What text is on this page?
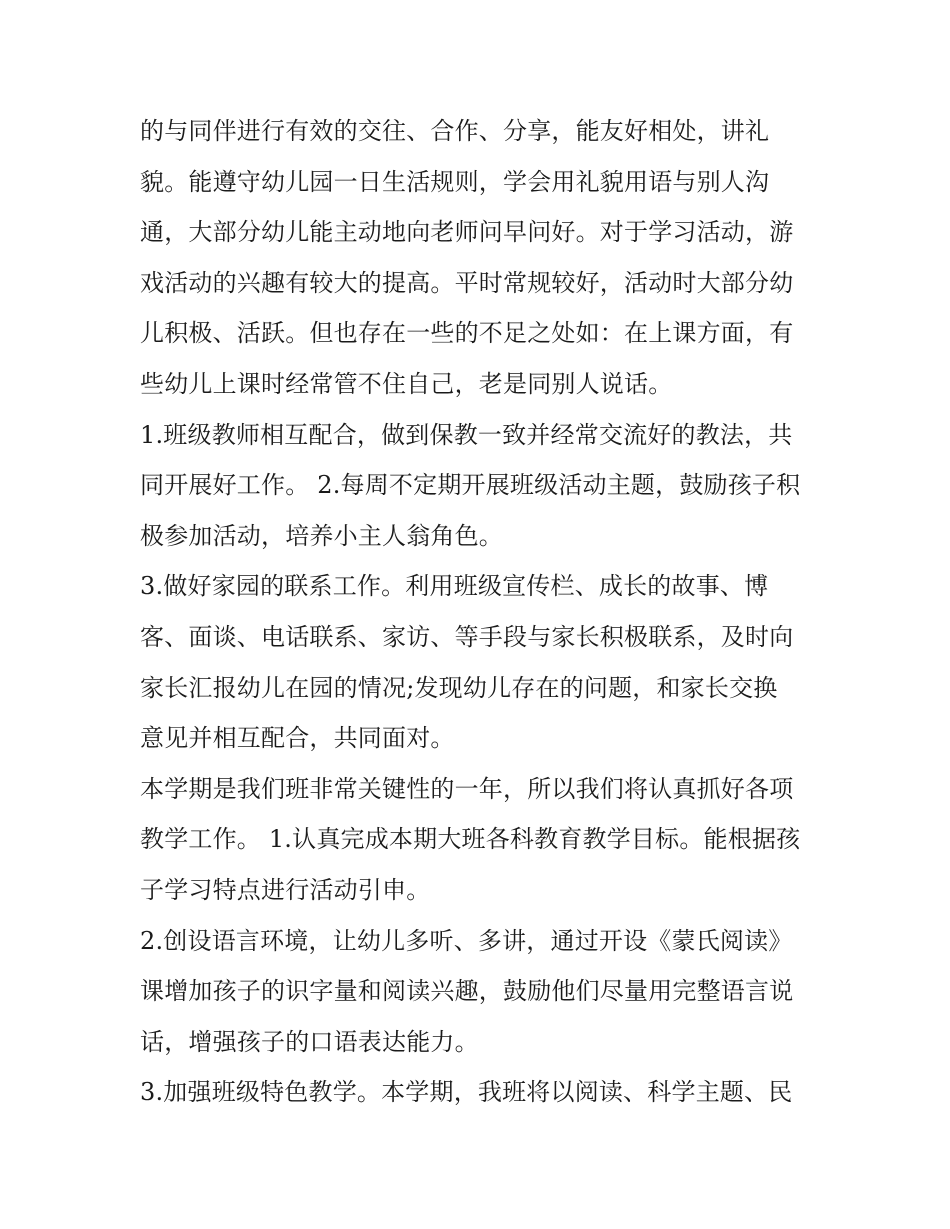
的与同伴进行有效的交往、合作、分享，能友好相处，讲礼
貌。能遵守幼儿园一日生活规则，学会用礼貌用语与别人沟
通，大部分幼儿能主动地向老师问早问好。对于学习活动，游
戏活动的兴趣有较大的提高。平时常规较好，活动时大部分幼
儿积极、活跃。但也存在一些的不足之处如：在上课方面，有
些幼儿上课时经常管不住自己，老是同别人说话。
1.班级教师相互配合，做到保教一致并经常交流好的教法，共
同开展好工作。 2.每周不定期开展班级活动主题，鼓励孩子积
极参加活动，培养小主人翁角色。
3.做好家园的联系工作。利用班级宣传栏、成长的故事、博
客、面谈、电话联系、家访、等手段与家长积极联系，及时向
家长汇报幼儿在园的情况;发现幼儿存在的问题，和家长交换
意见并相互配合，共同面对。
本学期是我们班非常关键性的一年，所以我们将认真抓好各项
教学工作。 1.认真完成本期大班各科教育教学目标。能根据孩
子学习特点进行活动引申。
2.创设语言环境，让幼儿多听、多讲，通过开设《蒙氏阅读》
课增加孩子的识字量和阅读兴趣，鼓励他们尽量用完整语言说
话，增强孩子的口语表达能力。
3.加强班级特色教学。本学期，我班将以阅读、科学主题、民
